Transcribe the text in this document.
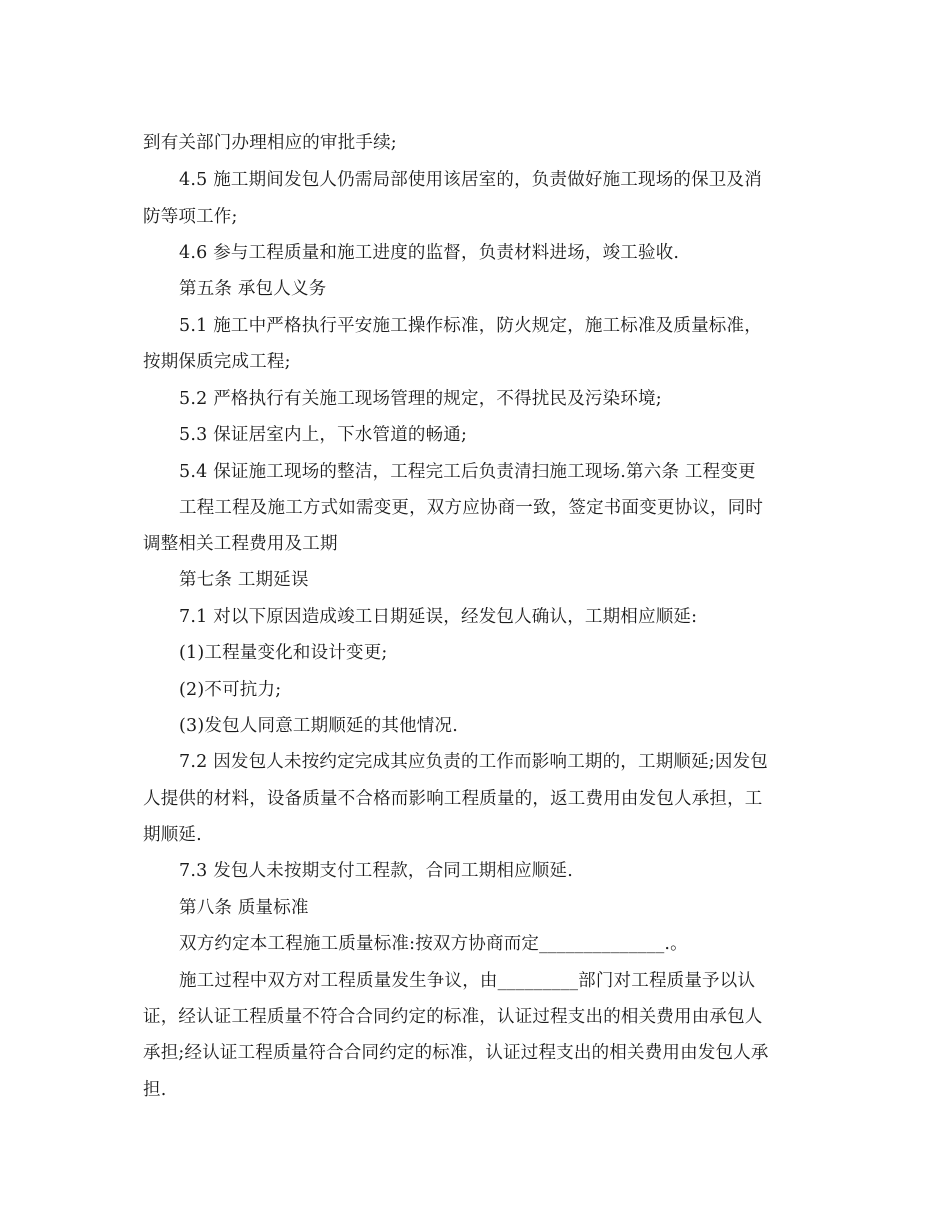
到有关部门办理相应的审批手续;
4.5 施工期间发包人仍需局部使用该居室的，负责做好施工现场的保卫及消
防等项工作;
4.6 参与工程质量和施工进度的监督，负责材料进场，竣工验收.
第五条 承包人义务
5.1 施工中严格执行平安施工操作标准，防火规定，施工标准及质量标准，
按期保质完成工程;
5.2 严格执行有关施工现场管理的规定，不得扰民及污染环境;
5.3 保证居室内上，下水管道的畅通;
5.4 保证施工现场的整洁，工程完工后负责清扫施工现场.第六条 工程变更
工程工程及施工方式如需变更，双方应协商一致，签定书面变更协议，同时
调整相关工程费用及工期
第七条 工期延误
7.1 对以下原因造成竣工日期延误，经发包人确认，工期相应顺延:
(1)工程量变化和设计变更;
(2)不可抗力;
(3)发包人同意工期顺延的其他情况.
7.2 因发包人未按约定完成其应负责的工作而影响工期的，工期顺延;因发包
人提供的材料，设备质量不合格而影响工程质量的，返工费用由发包人承担，工
期顺延.
7.3 发包人未按期支付工程款，合同工期相应顺延.
第八条 质量标准
双方约定本工程施工质量标准:按双方协商而定______________.。
施工过程中双方对工程质量发生争议，由_________部门对工程质量予以认
证，经认证工程质量不符合合同约定的标准，认证过程支出的相关费用由承包人
承担;经认证工程质量符合合同约定的标准，认证过程支出的相关费用由发包人承
担.
